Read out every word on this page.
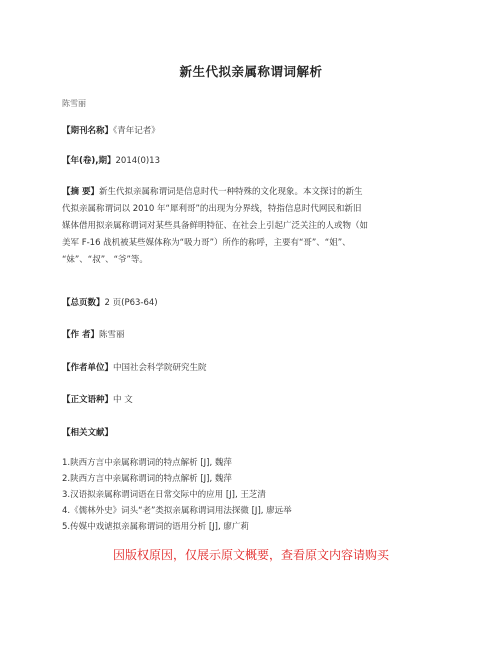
新生代拟亲属称谓词解析
陈雪丽
【期刊名称】《青年记者》
【年(卷),期】2014(0)13
【摘 要】新生代拟亲属称谓词是信息时代一种特殊的文化现象。本文探讨的新生
代拟亲属称谓词以 2010 年“犀利哥”的出现为分界线，特指信息时代网民和新旧
媒体借用拟亲属称谓词对某些具备鲜明特征、在社会上引起广泛关注的人或物（如
美军 F-16 战机被某些媒体称为“吸力哥”）所作的称呼，主要有“哥”、“姐”、
“妹”、“叔”、“爷”等。
【总页数】2 页(P63-64)
【作 者】陈雪丽
【作者单位】中国社会科学院研究生院
【正文语种】中 文
【相关文献】
1.陕西方言中亲属称谓词的特点解析 [J], 魏萍
2.陕西方言中亲属称谓词的特点解析 [J], 魏萍
3.汉语拟亲属称谓词语在日常交际中的应用 [J], 王芝清
4.《儒林外史》词头“老”类拟亲属称谓词用法探微 [J], 廖远举
5.传媒中戏谑拟亲属称谓词的语用分析 [J], 廖广莉
因版权原因，仅展示原文概要，查看原文内容请购买
